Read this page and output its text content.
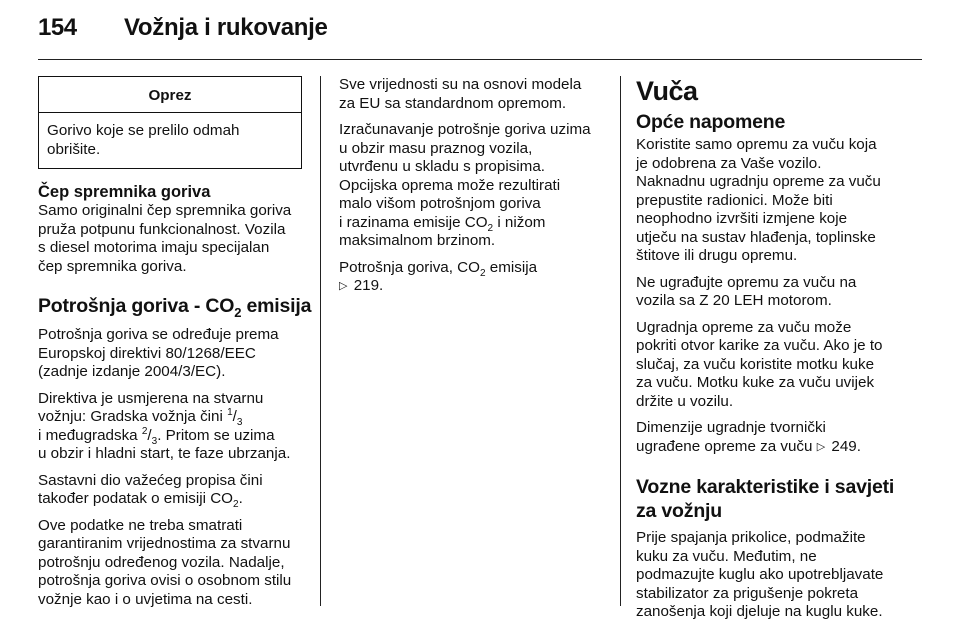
154 Vožnja i rukovanje
Oprez
Gorivo koje se prelilo odmah
obrišite.
Čep spremnika goriva

Samo originalni čep spremnika goriva
pruža potpunu funkcionalnost. Vozila
s diesel motorima imaju specijalan
čep spremnika goriva.

Potrošnja goriva - $CO_2$ emisija

Potrošnja goriva se određuje prema
Europskoj direktivi 80/1268/EEC
(zadnje izdanje 2004/3/EC).

Direktiva je usmjerena na stvarnu
vožnju: Gradska vožnja čini $^1/_3$
i međugradska $^2/_3$. Pritom se uzima
u obzir i hladni start, te faze ubrzanja.

Sastavni dio važećeg propisa čini
također podatak o emisiji $CO_2$.

Ove podatke ne treba smatrati
garantiranim vrijednostima za stvarnu
potrošnju određenog vozila. Nadalje,
potrošnja goriva ovisi o osobnom stilu
vožnje kao i o uvjetima na cesti.

Sve vrijednosti su na osnovi modela
za EU sa standardnom opremom.

Izračunavanje potrošnje goriva uzima
u obzir masu praznog vozila,
utvrđenu u skladu s propisima.
Opcijska oprema može rezultirati
malo višom potrošnjom goriva
i razinama emisije $CO_2$ i nižom
maksimalnom brzinom.

Potrošnja goriva, $CO_2$ emisija
▷ 219.

Vuča
Opće napomene

Koristite samo opremu za vuču koja
je odobrena za Vaše vozilo.
Naknadnu ugradnju opreme za vuču
prepustite radionici. Može biti
neophodno izvršiti izmjene koje
utječu na sustav hlađenja, toplinske
štitove ili drugu opremu.

Ne ugrađujte opremu za vuču na
vozila sa Z 20 LEH motorom.

Ugradnja opreme za vuču može
pokriti otvor karike za vuču. Ako je to
slučaj, za vuču koristite motku kuke
za vuču. Motku kuke za vuču uvijek
držite u vozilu.

Dimenzije ugradnje tvornički
ugrađene opreme za vuču ▷ 249.

Vozne karakteristike i savjeti
za vožnju

Prije spajanja prikolice, podmažite
kuku za vuču. Međutim, ne
podmazujte kuglu ako upotrebljavate
stabilizator za prigušenje pokreta
zanošenja koji djeluje na kuglu kuke.
